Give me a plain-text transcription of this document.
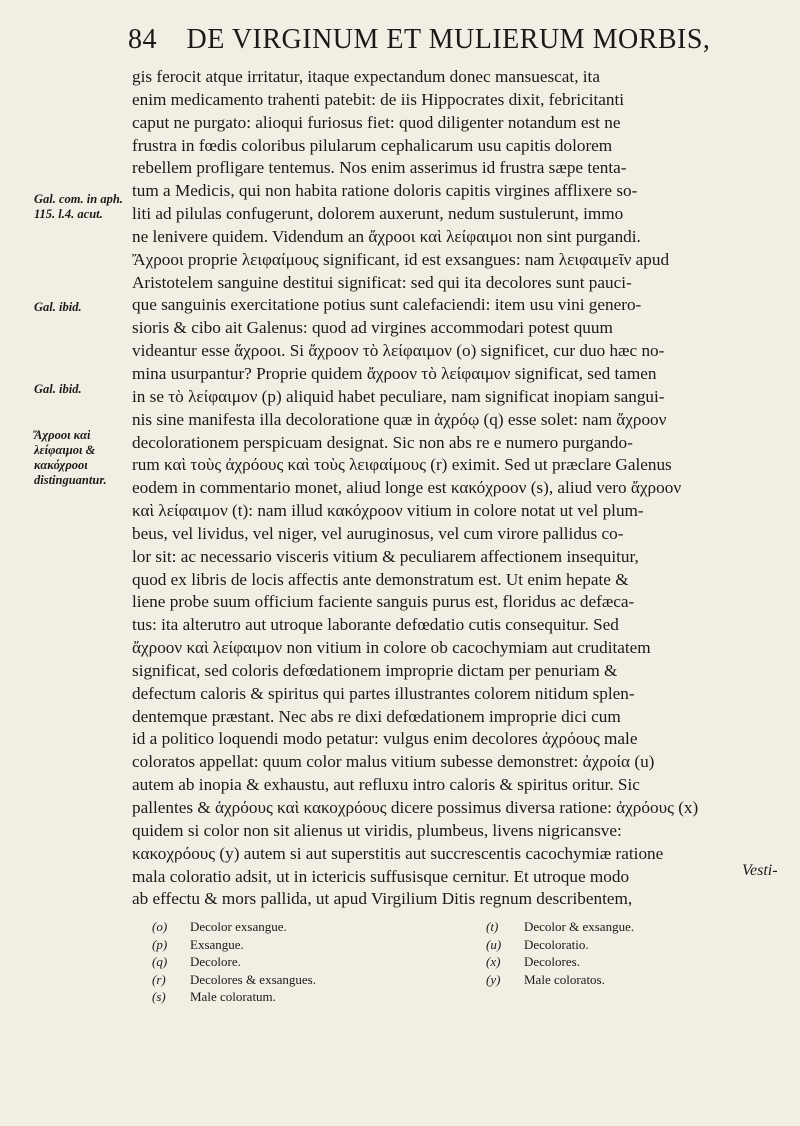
84 DE VIRGINUM ET MULIERUM MORBIS,
Gal. com. in aph. 115. l.4. acut.
Gal. ibid.
Gal. ibid.
Ἄχροοι καὶ λείφαιμοι & κακόχροοι distinguantur.
gis ferocit atque irritatur, itaque expectandum donec mansuescat, ita
enim medicamento trahenti patebit: de iis Hippocrates dixit, febricitanti
caput ne purgato: alioqui furiosus fiet: quod diligenter notandum est ne
frustra in fœdis coloribus pilularum cephalicarum usu capitis dolorem
rebellem profligare tentemus. Nos enim asserimus id frustra sæpe tenta-
tum a Medicis, qui non habita ratione doloris capitis virgines afflixere so-
liti ad pilulas confugerunt, dolorem auxerunt, nedum sustulerunt, immo
ne lenivere quidem. Videndum an ἄχροοι καὶ λείφαιμοι non sint purgandi.
Ἄχροοι proprie λειφαίμους significant, id est exsangues: nam λειφαιμεῖν apud
Aristotelem sanguine destitui significat: sed qui ita decolores sunt pauci-
que sanguinis exercitatione potius sunt calefaciendi: item usu vini genero-
sioris & cibo ait Galenus: quod ad virgines accommodari potest quum
videantur esse ἄχροοι. Si ἄχροον τὸ λείφαιμον (o) significet, cur duo hæc no-
mina usurpantur? Proprie quidem ἄχροον τὸ λείφαιμον significat, sed tamen
in se τὸ λείφαιμον (p) aliquid habet peculiare, nam significat inopiam sangui-
nis sine manifesta illa decoloratione quæ in ἀχρόῳ (q) esse solet: nam ἄχροον
decolorationem perspicuam designat. Sic non abs re e numero purgando-
rum καὶ τοὺς ἀχρόους καὶ τοὺς λειφαίμους (r) eximit. Sed ut præclare Galenus
eodem in commentario monet, aliud longe est κακόχροον (s), aliud vero ἄχροον
καὶ λείφαιμον (t): nam illud κακόχροον vitium in colore notat ut vel plum-
beus, vel lividus, vel niger, vel auruginosus, vel cum virore pallidus co-
lor sit: ac necessario visceris vitium & peculiarem affectionem insequitur,
quod ex libris de locis affectis ante demonstratum est. Ut enim hepate &
liene probe suum officium faciente sanguis purus est, floridus ac defæca-
tus: ita alterutro aut utroque laborante defœdatio cutis consequitur. Sed
ἄχροον καὶ λείφαιμον non vitium in colore ob cacochymiam aut cruditatem
significat, sed coloris defœdationem improprie dictam per penuriam &
defectum caloris & spiritus qui partes illustrantes colorem nitidum splen-
dentemque præstant. Nec abs re dixi defœdationem improprie dici cum
id a politico loquendi modo petatur: vulgus enim decolores ἀχρόους male
coloratos appellat: quum color malus vitium subesse demonstret: ἀχροία (u)
autem ab inopia & exhaustu, aut refluxu intro caloris & spiritus oritur. Sic
pallentes & ἀχρόους καὶ κακοχρόους dicere possimus diversa ratione: ἀχρόους (x)
quidem si color non sit alienus ut viridis, plumbeus, livens nigricansve:
κακοχρόους (y) autem si aut superstitis aut succrescentis cacochymiæ ratione
mala coloratio adsit, ut in ictericis suffusisque cernitur. Et utroque modo
ab effectu & mors pallida, ut apud Virgilium Ditis regnum describentem,
Vesti-
(o) Decolor exsangue.
(p) Exsangue.
(q) Decolore.
(r) Decolores & exsangues.
(s) Male coloratum.
(t) Decolor & exsangue.
(u) Decoloratio.
(x) Decolores.
(y) Male coloratos.
